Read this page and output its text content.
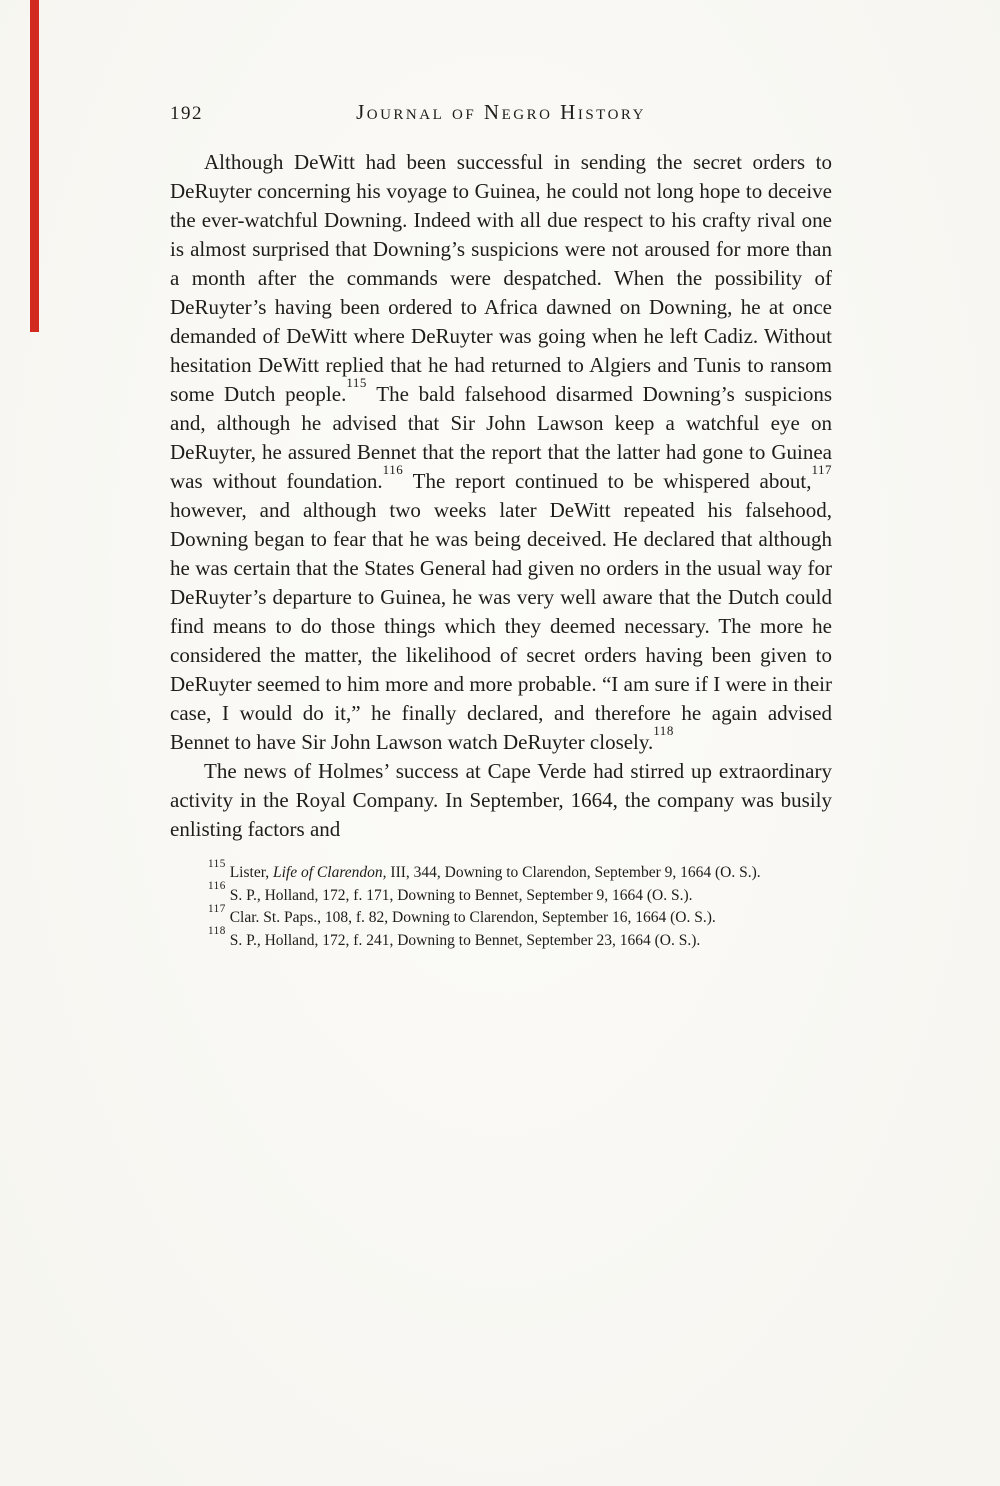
192	Journal of Negro History

Although DeWitt had been successful in sending the secret orders to DeRuyter concerning his voyage to Guinea, he could not long hope to deceive the ever-watchful Downing. Indeed with all due respect to his crafty rival one is almost surprised that Downing’s suspicions were not aroused for more than a month after the commands were despatched. When the possibility of DeRuyter’s having been ordered to Africa dawned on Downing, he at once demanded of DeWitt where DeRuyter was going when he left Cadiz. Without hesitation DeWitt replied that he had returned to Algiers and Tunis to ransom some Dutch people.$^{115}$ The bald falsehood disarmed Downing’s suspicions and, although he advised that Sir John Lawson keep a watchful eye on DeRuyter, he assured Bennet that the report that the latter had gone to Guinea was without foundation.$^{116}$ The report continued to be whispered about,$^{117}$ however, and although two weeks later DeWitt repeated his falsehood, Downing began to fear that he was being deceived. He declared that although he was certain that the States General had given no orders in the usual way for DeRuyter’s departure to Guinea, he was very well aware that the Dutch could find means to do those things which they deemed necessary. The more he considered the matter, the likelihood of secret orders having been given to DeRuyter seemed to him more and more probable. “I am sure if I were in their case, I would do it,” he finally declared, and therefore he again advised Bennet to have Sir John Lawson watch DeRuyter closely.$^{118}$

The news of Holmes’ success at Cape Verde had stirred up extraordinary activity in the Royal Company. In September, 1664, the company was busily enlisting factors and

$^{115}$ Lister, Life of Clarendon, III, 344, Downing to Clarendon, September 9, 1664 (O. S.).

$^{116}$ S. P., Holland, 172, f. 171, Downing to Bennet, September 9, 1664 (O. S.).

$^{117}$ Clar. St. Paps., 108, f. 82, Downing to Clarendon, September 16, 1664 (O. S.).

$^{118}$ S. P., Holland, 172, f. 241, Downing to Bennet, September 23, 1664 (O. S.).
